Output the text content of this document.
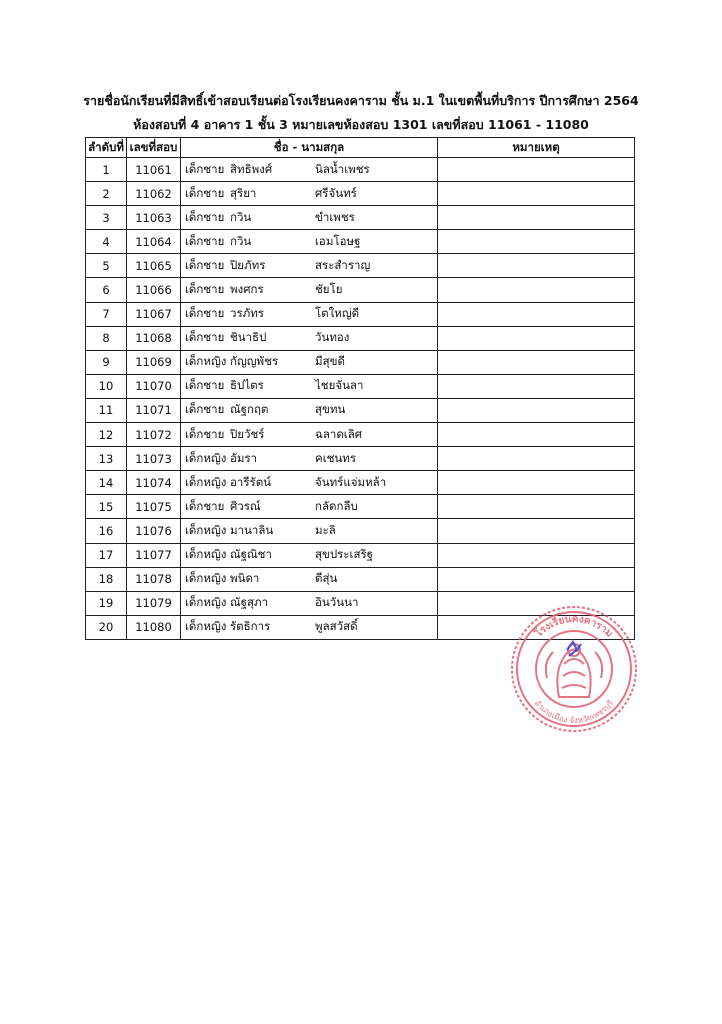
รายชื่อนักเรียนที่มีสิทธิ์เข้าสอบเรียนต่อโรงเรียนคงคาราม ชั้น ม.1 ในเขตพื้นที่บริการ ปีการศึกษา 2564
ห้องสอบที่ 4 อาคาร 1 ชั้น 3 หมายเลขห้องสอบ 1301 เลขที่สอบ 11061 - 11080
ลำดับที่	เลขที่สอบ	ชื่อ - นามสกุล	หมายเหตุ
1	11061	เด็กชาย สิทธิพงศ์ นิลน้ำเพชร	
2	11062	เด็กชาย สุริยา ศรีจันทร์	
3	11063	เด็กชาย กวิน ขำเพชร	
4	11064	เด็กชาย กวิน เอมโอษฐ	
5	11065	เด็กชาย ปิยภัทร สระสำราญ	
6	11066	เด็กชาย พงศกร ชัยโย	
7	11067	เด็กชาย วรภัทร โตใหญ่ดี	
8	11068	เด็กชาย ชินาธิป วันทอง	
9	11069	เด็กหญิง กัญญพัชร มีสุขดี	
10	11070	เด็กชาย ธิปไตร ไชยจันลา	
11	11071	เด็กชาย ณัฐกฤต สุขทน	
12	11072	เด็กชาย ปิยวัชร์ ฉลาดเลิศ	
13	11073	เด็กหญิง อัมรา คเชนทร	
14	11074	เด็กหญิง อารีรัตน์ จันทร์แจ่มหล้า	
15	11075	เด็กชาย ศิวรณ์ กลัดกลีบ	
16	11076	เด็กหญิง มานาลิน มะลิ	
17	11077	เด็กหญิง ณัฐณิชา สุขประเสริฐ	
18	11078	เด็กหญิง พนิดา ตีสุ่น	
19	11079	เด็กหญิง ณัฐสุภา อินวันนา	
20	11080	เด็กหญิง รัตธิการ พูลสวัสดิ์	
โรงเรียนคงคาราม
อำเภอเมือง จังหวัดเพชรบุรี
